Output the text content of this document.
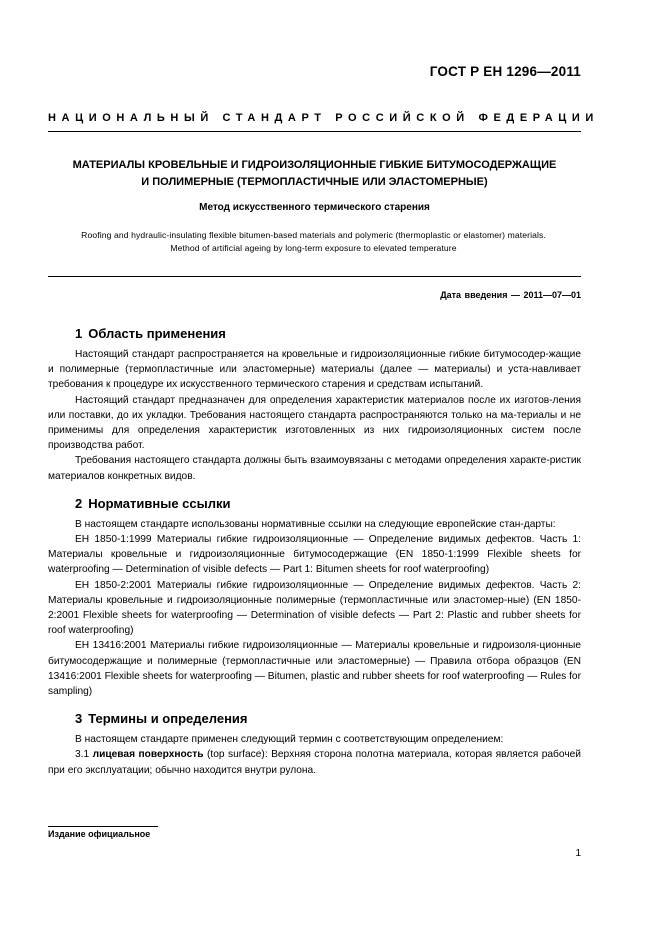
ГОСТ Р ЕН 1296—2011

НАЦИОНАЛЬНЫЙ СТАНДАРТ РОССИЙСКОЙ ФЕДЕРАЦИИ

МАТЕРИАЛЫ КРОВЕЛЬНЫЕ И ГИДРОИЗОЛЯЦИОННЫЕ ГИБКИЕ БИТУМОСОДЕРЖАЩИЕ
И ПОЛИМЕРНЫЕ (ТЕРМОПЛАСТИЧНЫЕ ИЛИ ЭЛАСТОМЕРНЫЕ)

Метод искусственного термического старения

Roofing and hydraulic-insulating flexible bitumen-based materials and polymeric (thermoplastic or elastomer) materials.
Method of artificial ageing by long-term exposure to elevated temperature

Дата введения — 2011—07—01

1 Область применения

Настоящий стандарт распространяется на кровельные и гидроизоляционные гибкие битумосодер-жащие и полимерные (термопластичные или эластомерные) материалы (далее — материалы) и уста-навливает требования к процедуре их искусственного термического старения и средствам испытаний.

Настоящий стандарт предназначен для определения характеристик материалов после их изготов-ления или поставки, до их укладки. Требования настоящего стандарта распространяются только на ма-териалы и не применимы для определения характеристик изготовленных из них гидроизоляционных систем после производства работ.

Требования настоящего стандарта должны быть взаимоувязаны с методами определения характе-ристик материалов конкретных видов.

2 Нормативные ссылки

В настоящем стандарте использованы нормативные ссылки на следующие европейские стан-дарты:

ЕН 1850-1:1999 Материалы гибкие гидроизоляционные — Определение видимых дефектов. Часть 1: Материалы кровельные и гидроизоляционные битумосодержащие (EN 1850-1:1999 Flexible sheets for waterproofing — Determination of visible defects — Part 1: Bitumen sheets for roof waterproofing)

ЕН 1850-2:2001 Материалы гибкие гидроизоляционные — Определение видимых дефектов. Часть 2: Материалы кровельные и гидроизоляционные полимерные (термопластичные или эластомер-ные) (EN 1850-2:2001 Flexible sheets for waterproofing — Determination of visible defects — Part 2: Plastic and rubber sheets for roof waterproofing)

ЕН 13416:2001 Материалы гибкие гидроизоляционные — Материалы кровельные и гидроизоля-ционные битумосодержащие и полимерные (термопластичные или эластомерные) — Правила отбора образцов (EN 13416:2001 Flexible sheets for waterproofing — Bitumen, plastic and rubber sheets for roof waterproofing — Rules for sampling)

3 Термины и определения

В настоящем стандарте применен следующий термин с соответствующим определением:

3.1 лицевая поверхность (top surface): Верхняя сторона полотна материала, которая является рабочей при его эксплуатации; обычно находится внутри рулона.

Издание официальное

1
